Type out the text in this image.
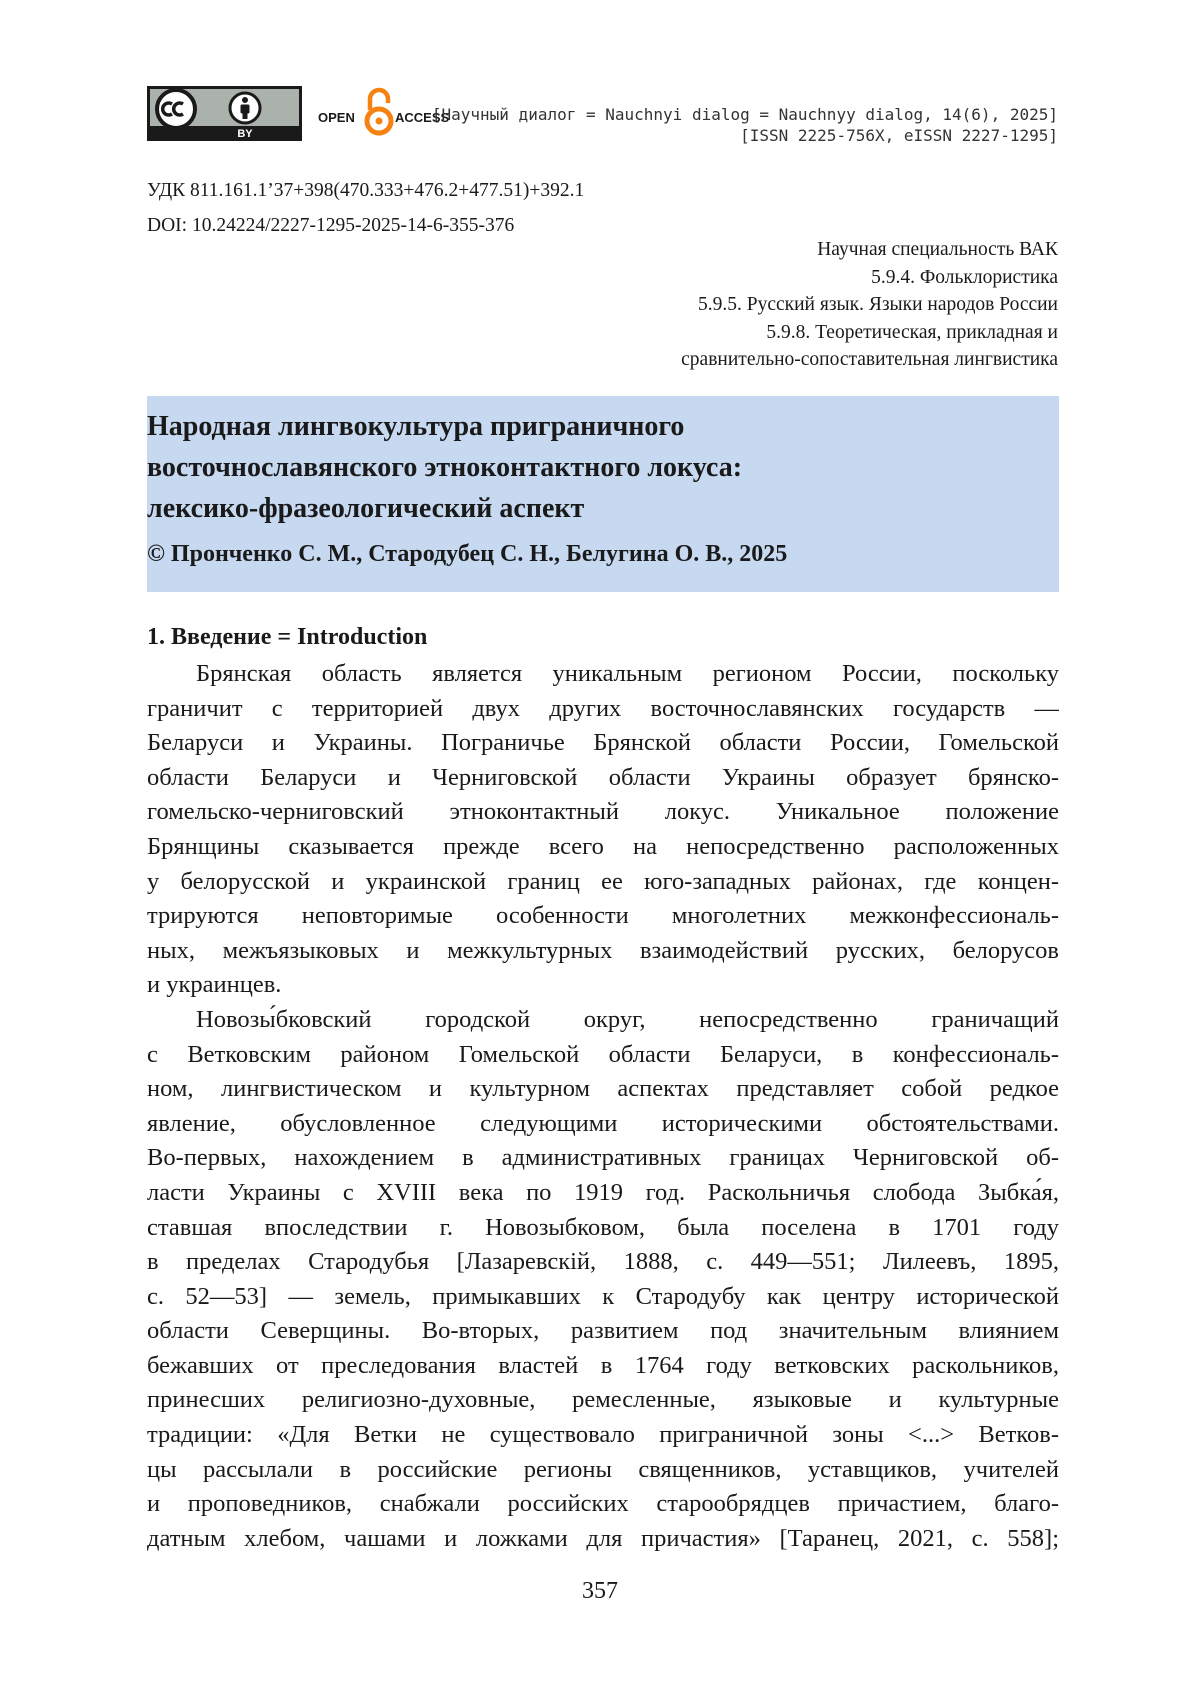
BY
OPEN	ACCESS
[Научный диалог = Nauchnyi dialog = Nauchnyy dialog, 14(6), 2025]
[ISSN 2225-756X, eISSN 2227-1295]
УДК 811.161.1’37+398(470.333+476.2+477.51)+392.1
DOI: 10.24224/2227-1295-2025-14-6-355-376
Научная специальность ВАК
5.9.4. Фольклористика
5.9.5. Русский язык. Языки народов России
5.9.8. Теоретическая, прикладная и
сравнительно-сопоставительная лингвистика
Народная лингвокультура приграничного
восточнославянского этноконтактного локуса:
лексико-фразеологический аспект
© Пронченко С. М., Стародубец С. Н., Белугина О. В., 2025
1. Введение = Introduction
Брянская область является уникальным регионом России, поскольку
граничит с территорией двух других восточнославянских государств —
Беларуси и Украины. Пограничье Брянской области России, Гомельской
области Беларуси и Черниговской области Украины образует брянско-
гомельско-черниговский этноконтактный локус. Уникальное положение
Брянщины сказывается прежде всего на непосредственно расположенных
у белорусской и украинской границ ее юго-западных районах, где концен-
трируются неповторимые особенности многолетних межконфессиональ-
ных, межъязыковых и межкультурных взаимодействий русских, белорусов
и украинцев.
Новозы́бковский городской округ, непосредственно граничащий
с Ветковским районом Гомельской области Беларуси, в конфессиональ-
ном, лингвистическом и культурном аспектах представляет собой редкое
явление, обусловленное следующими историческими обстоятельствами.
Во-первых, нахождением в административных границах Черниговской об-
ласти Украины с XVIII века по 1919 год. Раскольничья слобода Зыбка́я,
ставшая впоследствии г. Новозыбковом, была поселена в 1701 году
в пределах Стародубья [Лазаревскій, 1888, с. 449—551; Лилеевъ, 1895,
с. 52—53] — земель, примыкавших к Стародубу как центру исторической
области Северщины. Во-вторых, развитием под значительным влиянием
бежавших от преследования властей в 1764 году ветковских раскольников,
принесших религиозно-духовные, ремесленные, языковые и культурные
традиции: «Для Ветки не существовало приграничной зоны <...> Ветков-
цы рассылали в российские регионы священников, уставщиков, учителей
и проповедников, снабжали российских старообрядцев причастием, благо-
датным хлебом, чашами и ложками для причастия» [Таранец, 2021, с. 558];
357
